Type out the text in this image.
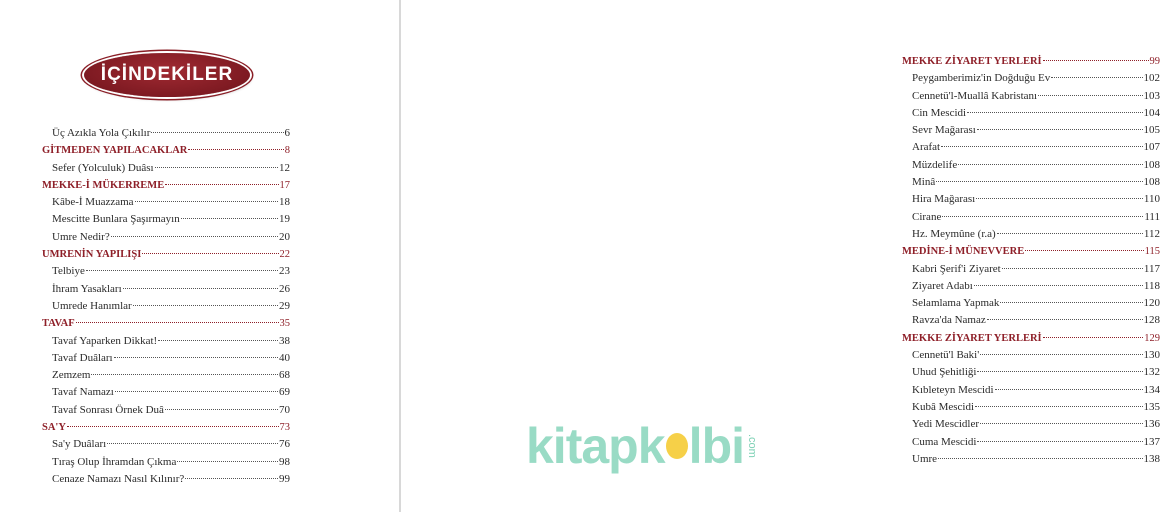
İÇİNDEKİLER
Üç Azıkla Yola Çıkılır	6
GİTMEDEN YAPILACAKLAR	8
Sefer (Yolculuk) Duâsı	12
MEKKE-İ MÜKERREME	17
Kâbe-İ Muazzama	18
Mescitte Bunlara Şaşırmayın	19
Umre Nedir?	20
UMRENİN YAPILIŞI	22
Telbiye	23
İhram Yasakları	26
Umrede Hanımlar	29
TAVAF	35
Tavaf Yaparken Dikkat!	38
Tavaf Duâları	40
Zemzem	68
Tavaf Namazı	69
Tavaf Sonrası Örnek Duâ	70
SA'Y	73
Sa'y Duâları	76
Tıraş Olup İhramdan Çıkma	98
Cenaze Namazı Nasıl Kılınır?	99
MEKKE ZİYARET YERLERİ	99
Peygamberimiz'in Doğduğu Ev	102
Cennetü'l-Muallâ Kabristanı	103
Cin Mescidi	104
Sevr Mağarası	105
Arafat	107
Müzdelife	108
Minâ	108
Hira Mağarası	110
Cirane	111
Hz. Meymûne (r.a)	112
MEDİNE-İ MÜNEVVERE	115
Kabri Şerif'i Ziyaret	117
Ziyaret Adabı	118
Selamlama Yapmak	120
Ravza'da Namaz	128
MEKKE ZİYARET YERLERİ	129
Cennetü'l Baki'	130
Uhud Şehitliği	132
Kıbleteyn Mescidi	134
Kubâ Mescidi	135
Yedi Mescidler	136
Cuma Mescidi	137
Umre	138
kitapk lbi .com
